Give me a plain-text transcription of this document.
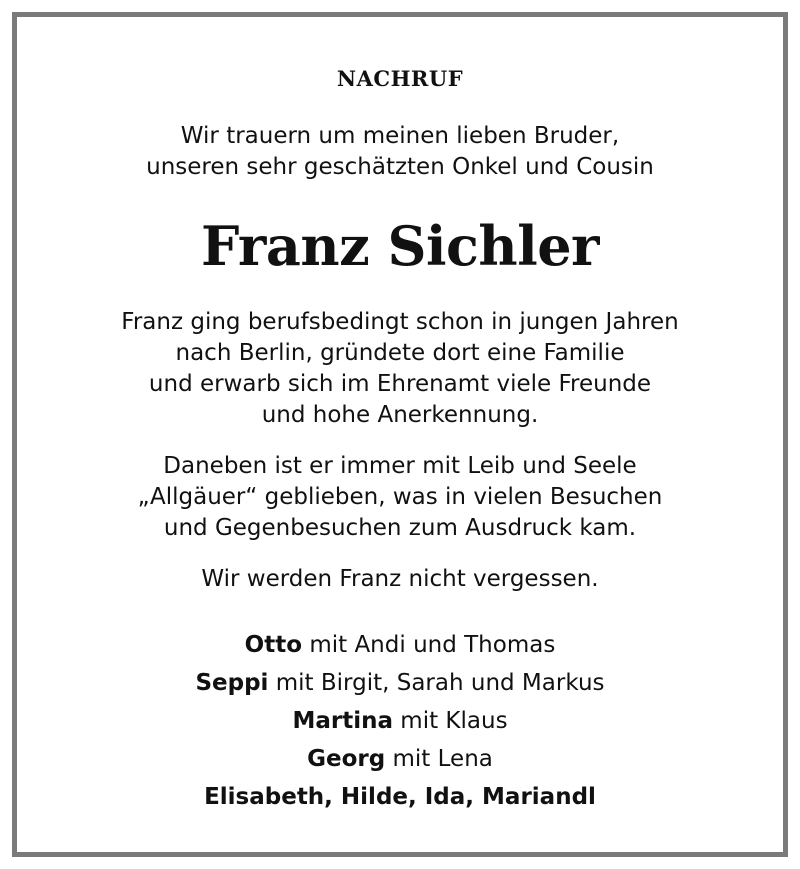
NACHRUF
Wir trauern um meinen lieben Bruder,
unseren sehr geschätzten Onkel und Cousin
Franz Sichler
Franz ging berufsbedingt schon in jungen Jahren
nach Berlin, gründete dort eine Familie
und erwarb sich im Ehrenamt viele Freunde
und hohe Anerkennung.
Daneben ist er immer mit Leib und Seele
„Allgäuer“ geblieben, was in vielen Besuchen
und Gegenbesuchen zum Ausdruck kam.
Wir werden Franz nicht vergessen.
Otto mit Andi und Thomas
Seppi mit Birgit, Sarah und Markus
Martina mit Klaus
Georg mit Lena
Elisabeth, Hilde, Ida, Mariandl
